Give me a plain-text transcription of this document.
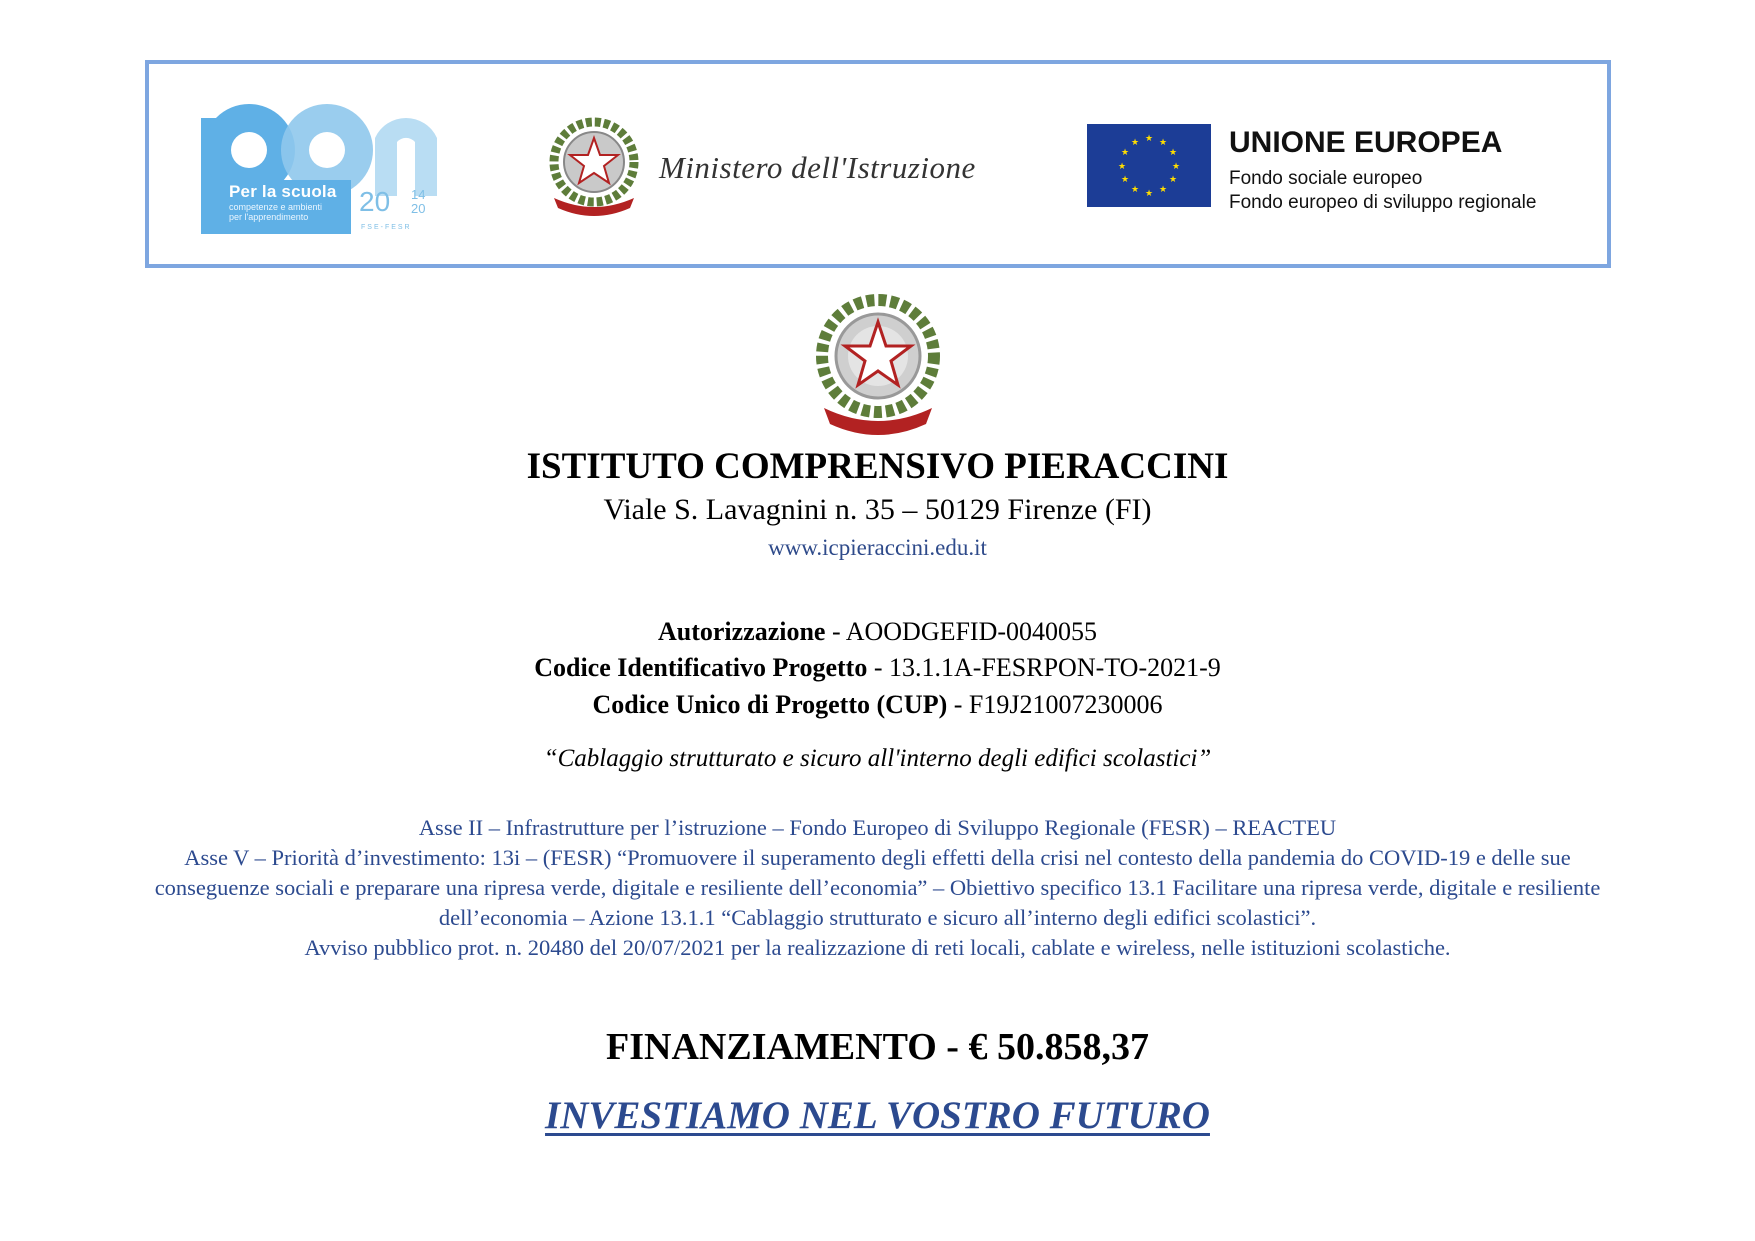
Per la scuola
competenze e ambienti
per l'apprendimento	20 14
20
FSE-FESR
Ministero dell'Istruzione
★ ★
★
★
★
★
★
★
★
★
★
★	UNIONE EUROPEA
Fondo sociale europeo
Fondo europeo di sviluppo regionale
ISTITUTO COMPRENSIVO PIERACCINI
Viale S. Lavagnini n. 35 – 50129 Firenze (FI)
www.icpieraccini.edu.it
Autorizzazione - AOODGEFID-0040055
Codice Identificativo Progetto - 13.1.1A-FESRPON-TO-2021-9
Codice Unico di Progetto (CUP) - F19J21007230006
“Cablaggio strutturato e sicuro all'interno degli edifici scolastici”
Asse II – Infrastrutture per l’istruzione – Fondo Europeo di Sviluppo Regionale (FESR) – REACTEU
Asse V – Priorità d’investimento: 13i – (FESR) “Promuovere il superamento degli effetti della crisi nel contesto della pandemia do COVID-19 e delle sue conseguenze sociali e preparare una ripresa verde, digitale e resiliente dell’economia” – Obiettivo specifico 13.1 Facilitare una ripresa verde, digitale e resiliente dell’economia – Azione 13.1.1 “Cablaggio strutturato e sicuro all’interno degli edifici scolastici”.
Avviso pubblico prot. n. 20480 del 20/07/2021 per la realizzazione di reti locali, cablate e wireless, nelle istituzioni scolastiche.
FINANZIAMENTO - € 50.858,37
INVESTIAMO NEL VOSTRO FUTURO
